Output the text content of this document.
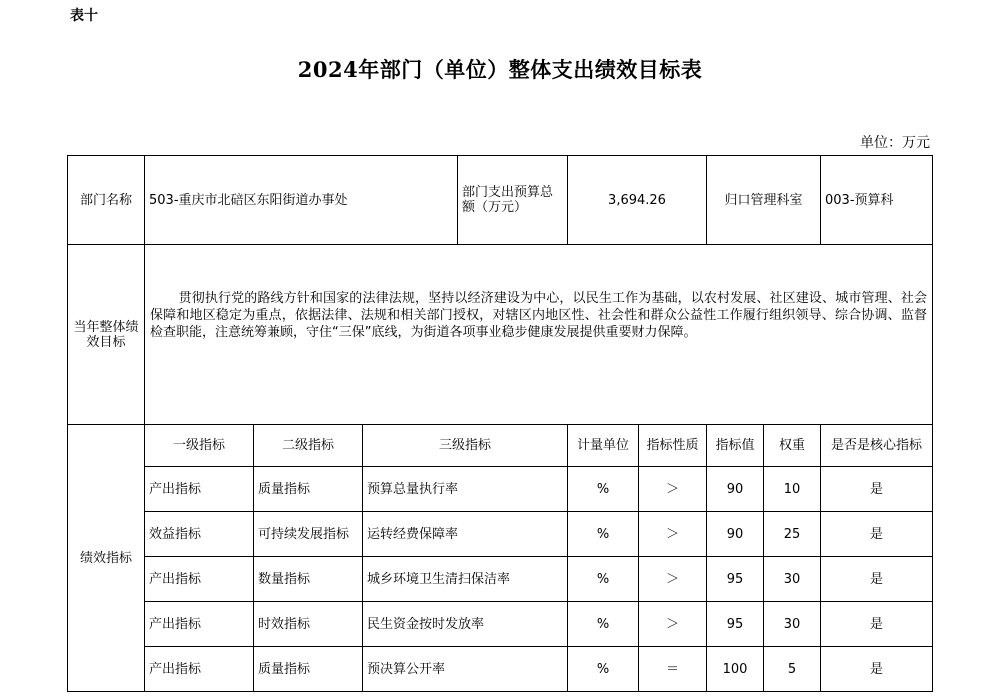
表十
2024年部门（单位）整体支出绩效目标表
单位：万元
部门名称	503-重庆市北碚区东阳街道办事处			部门支出预算总额（万元）	3,694.26		归口管理科室		003-预算科
当年整体绩效目标	贯彻执行党的路线方针和国家的法律法规，坚持以经济建设为中心，以民生工作为基础，以农村发展、社区建设、城市管理、社会保障和地区稳定为重点，依据法律、法规和相关部门授权，对辖区内地区性、社会性和群众公益性工作履行组织领导、综合协调、监督检查职能，注意统筹兼顾，守住“三保”底线，为街道各项事业稳步健康发展提供重要财力保障。								
绩效指标	一级指标	二级指标	三级指标		计量单位	指标性质	指标值	权重	是否是核心指标
	产出指标	质量指标	预算总量执行率		%	＞	90	10	是
	效益指标	可持续发展指标	运转经费保障率		%	＞	90	25	是
	产出指标	数量指标	城乡环境卫生清扫保洁率		%	＞	95	30	是
	产出指标	时效指标	民生资金按时发放率		%	＞	95	30	是
	产出指标	质量指标	预决算公开率		%	＝	100	5	是
